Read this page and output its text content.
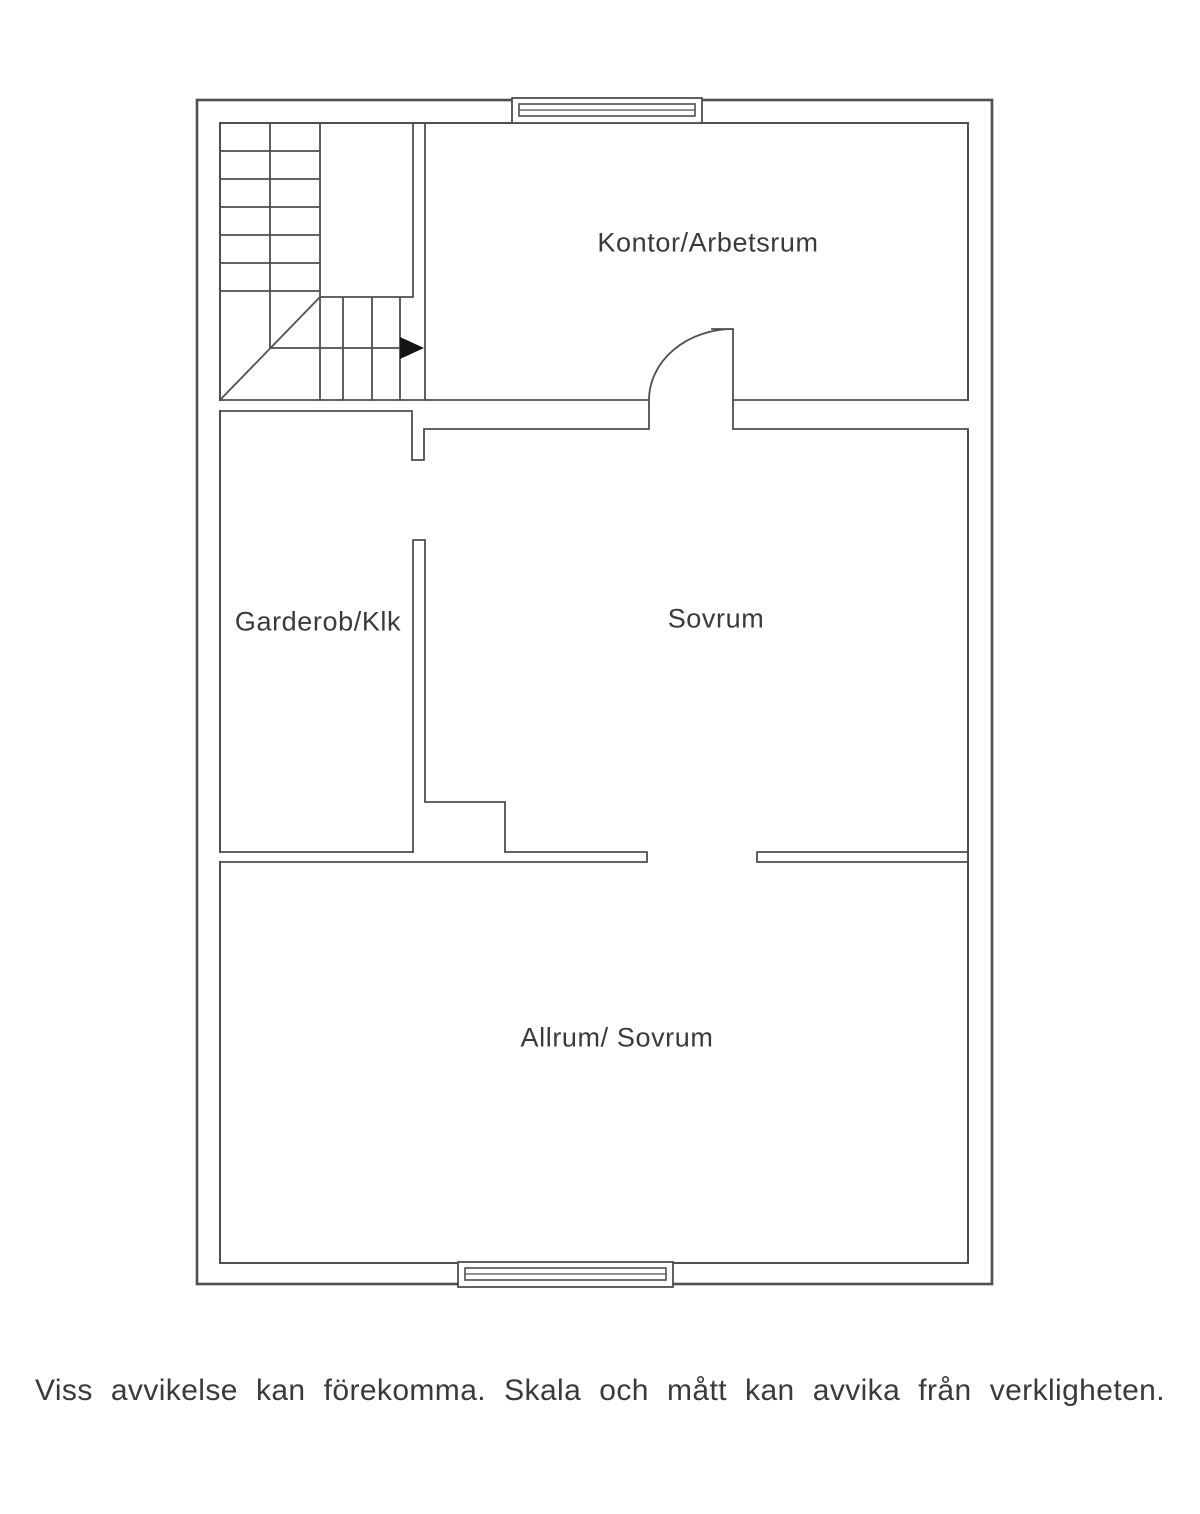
Kontor/Arbetsrum
Garderob/Klk	Sovrum
Allrum/ Sovrum
Viss avvikelse kan förekomma. Skala och mått kan avvika från verkligheten.
